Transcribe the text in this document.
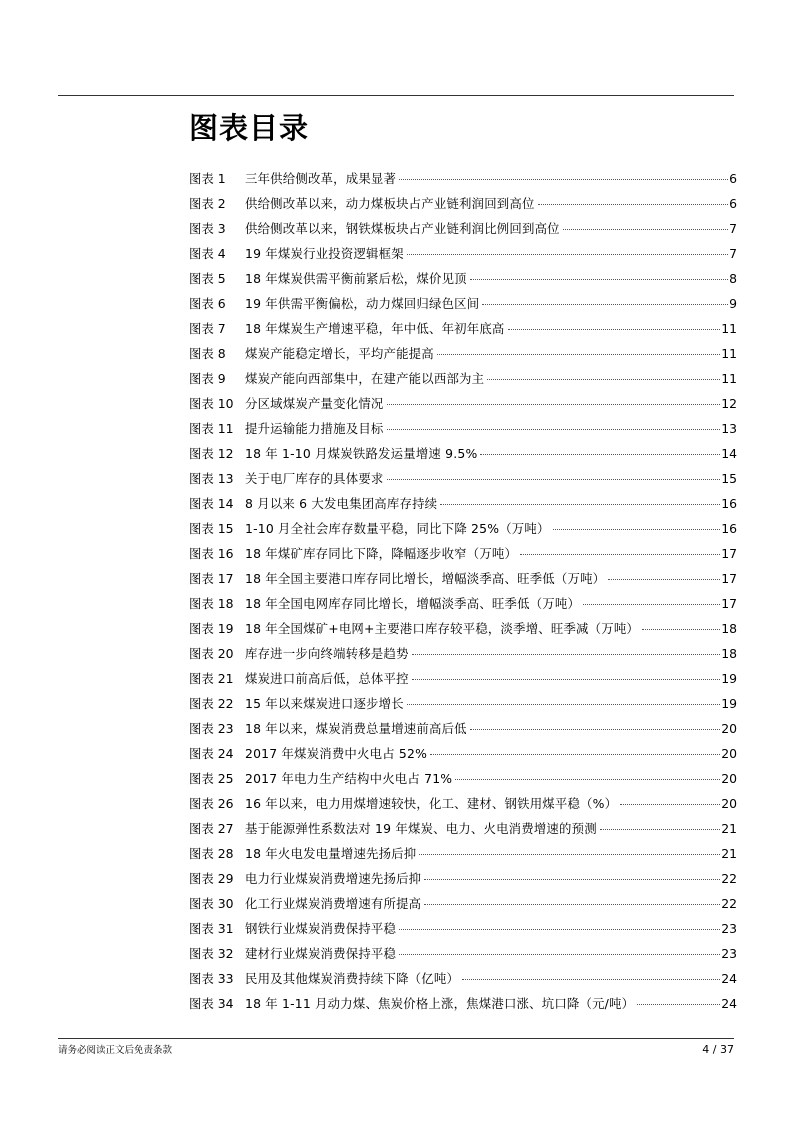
图表目录
图表 1	三年供给侧改革，成果显著	6
图表 2	供给侧改革以来，动力煤板块占产业链利润回到高位	6
图表 3	供给侧改革以来，钢铁煤板块占产业链利润比例回到高位	7
图表 4	19 年煤炭行业投资逻辑框架	7
图表 5	18 年煤炭供需平衡前紧后松，煤价见顶	8
图表 6	19 年供需平衡偏松，动力煤回归绿色区间	9
图表 7	18 年煤炭生产增速平稳，年中低、年初年底高	11
图表 8	煤炭产能稳定增长，平均产能提高	11
图表 9	煤炭产能向西部集中，在建产能以西部为主	11
图表 10 分区域煤炭产量变化情况	12
图表 11 提升运输能力措施及目标	13
图表 12 18 年 1-10 月煤炭铁路发运量增速 9.5%	14
图表 13 关于电厂库存的具体要求	15
图表 14 8 月以来 6 大发电集团高库存持续	16
图表 15 1-10 月全社会库存数量平稳，同比下降 25%（万吨）	16
图表 16 18 年煤矿库存同比下降，降幅逐步收窄（万吨）	17
图表 17 18 年全国主要港口库存同比增长，增幅淡季高、旺季低（万吨）	17
图表 18 18 年全国电网库存同比增长，增幅淡季高、旺季低（万吨）	17
图表 19 18 年全国煤矿+电网+主要港口库存较平稳，淡季增、旺季减（万吨）	18
图表 20 库存进一步向终端转移是趋势	18
图表 21 煤炭进口前高后低，总体平控	19
图表 22 15 年以来煤炭进口逐步增长	19
图表 23 18 年以来，煤炭消费总量增速前高后低	20
图表 24 2017 年煤炭消费中火电占 52%	20
图表 25 2017 年电力生产结构中火电占 71%	20
图表 26 16 年以来，电力用煤增速较快，化工、建材、钢铁用煤平稳（%）	20
图表 27 基于能源弹性系数法对 19 年煤炭、电力、火电消费增速的预测	21
图表 28 18 年火电发电量增速先扬后抑	21
图表 29 电力行业煤炭消费增速先扬后抑	22
图表 30 化工行业煤炭消费增速有所提高	22
图表 31 钢铁行业煤炭消费保持平稳	23
图表 32 建材行业煤炭消费保持平稳	23
图表 33 民用及其他煤炭消费持续下降（亿吨）	24
图表 34 18 年 1-11 月动力煤、焦炭价格上涨，焦煤港口涨、坑口降（元/吨）	24
请务必阅读正文后免责条款	4 / 37
